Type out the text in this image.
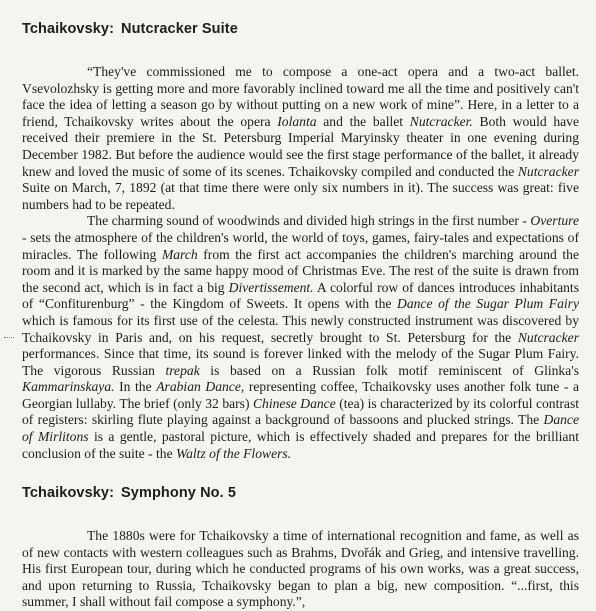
Tchaikovsky: Nutcracker Suite

“They've commissioned me to compose a one-act opera and a two-act ballet. Vsevolozhsky is getting more and more favorably inclined toward me all the time and positively can't face the idea of letting a season go by without putting on a new work of mine”. Here, in a letter to a friend, Tchaikovsky writes about the opera Iolanta and the ballet Nutcracker. Both would have received their premiere in the St. Petersburg Imperial Maryinsky theater in one evening during December 1982. But before the audience would see the first stage performance of the ballet, it already knew and loved the music of some of its scenes. Tchaikovsky compiled and conducted the Nutcracker Suite on March, 7, 1892 (at that time there were only six numbers in it). The success was great: five numbers had to be repeated.

The charming sound of woodwinds and divided high strings in the first number - Overture - sets the atmosphere of the children's world, the world of toys, games, fairy-tales and expectations of miracles. The following March from the first act accompanies the children's marching around the room and it is marked by the same happy mood of Christmas Eve. The rest of the suite is drawn from the second act, which is in fact a big Divertissement. A colorful row of dances introduces inhabitants of “Confiturenburg” - the Kingdom of Sweets. It opens with the Dance of the Sugar Plum Fairy which is famous for its first use of the celesta. This newly constructed instrument was discovered by Tchaikovsky in Paris and, on his request, secretly brought to St. Petersburg for the Nutcracker performances. Since that time, its sound is forever linked with the melody of the Sugar Plum Fairy. The vigorous Russian trepak is based on a Russian folk motif reminiscent of Glinka's Kammarinskaya. In the Arabian Dance, representing coffee, Tchaikovsky uses another folk tune - a Georgian lullaby. The brief (only 32 bars) Chinese Dance (tea) is characterized by its colorful contrast of registers: skirling flute playing against a background of bassoons and plucked strings. The Dance of Mirlitons is a gentle, pastoral picture, which is effectively shaded and prepares for the brilliant conclusion of the suite - the Waltz of the Flowers.

Tchaikovsky: Symphony No. 5

The 1880s were for Tchaikovsky a time of international recognition and fame, as well as of new contacts with western colleagues such as Brahms, Dvořák and Grieg, and intensive travelling. His first European tour, during which he conducted programs of his own works, was a great success, and upon returning to Russia, Tchaikovsky began to plan a big, new composition. “...first, this summer, I shall without fail compose a symphony.”,
